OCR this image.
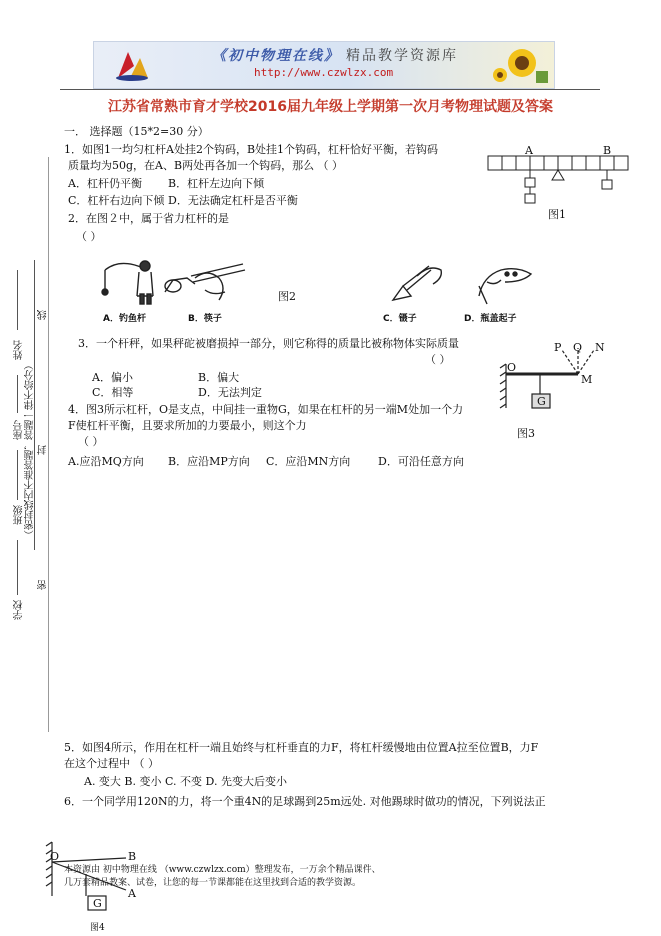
《初中物理在线》 精品教学资源库
http://www.czwlzx.com
江苏省常熟市育才学校2016届九年级上学期第一次月考物理试题及答案
一． 选择题（15*2=30 分）
1．如图1一均匀杠杆A处挂2个钩码，B处挂1个钩码，杠杆恰好平衡，若钩码
质量均为50g，在A、B两处再各加一个钩码，那么 （ ）
A．杠杆仍平衡 B．杠杆左边向下倾
C．杠杆右边向下倾 D．无法确定杠杆是否平衡
A	B
图1
2．在图２中，属于省力杠杆的是
（ ）
图2
A．钓鱼杆	B．筷子	C．镊子	D．瓶盖起子
3．一个杆秤，如果秤砣被磨损掉一部分，则它称得的质量比被称物体实际质量
（ ）
A．偏小	B．偏大
C．相等	D．无法判定
O
P Q N
M
G
图3
4．图3所示杠杆，O是支点，中间挂一重物G，如果在杠杆的另一端M处加一个力
F使杠杆平衡，且要求所加的力要最小，则这个力
（ ）
A.应沿MQ方向 B．应沿MP方向 C．应沿MN方向	D．可沿任意方向
5．如图4所示，作用在杠杆一端且始终与杠杆垂直的力F，将杠杆缓慢地由位置A拉至位置B，力F
在这个过程中 （ ）
A. 变大 B. 变小 C. 不变 D. 先变大后变小
6．一个同学用120N的力，将一个重4N的足球踢到25m远处. 对他踢球时做功的情况，下列说法正
O	B
A
G
图4
本资源由 初中物理在线 （www.czwlzx.com）整理发布，一万余个精品课件、
几万套精品教案、试卷，让您的每一节课都能在这里找到合适的教学资源。
线
封
密
姓名
座号
班级
学校
（密封线内不准答题，答题一律不给分）
